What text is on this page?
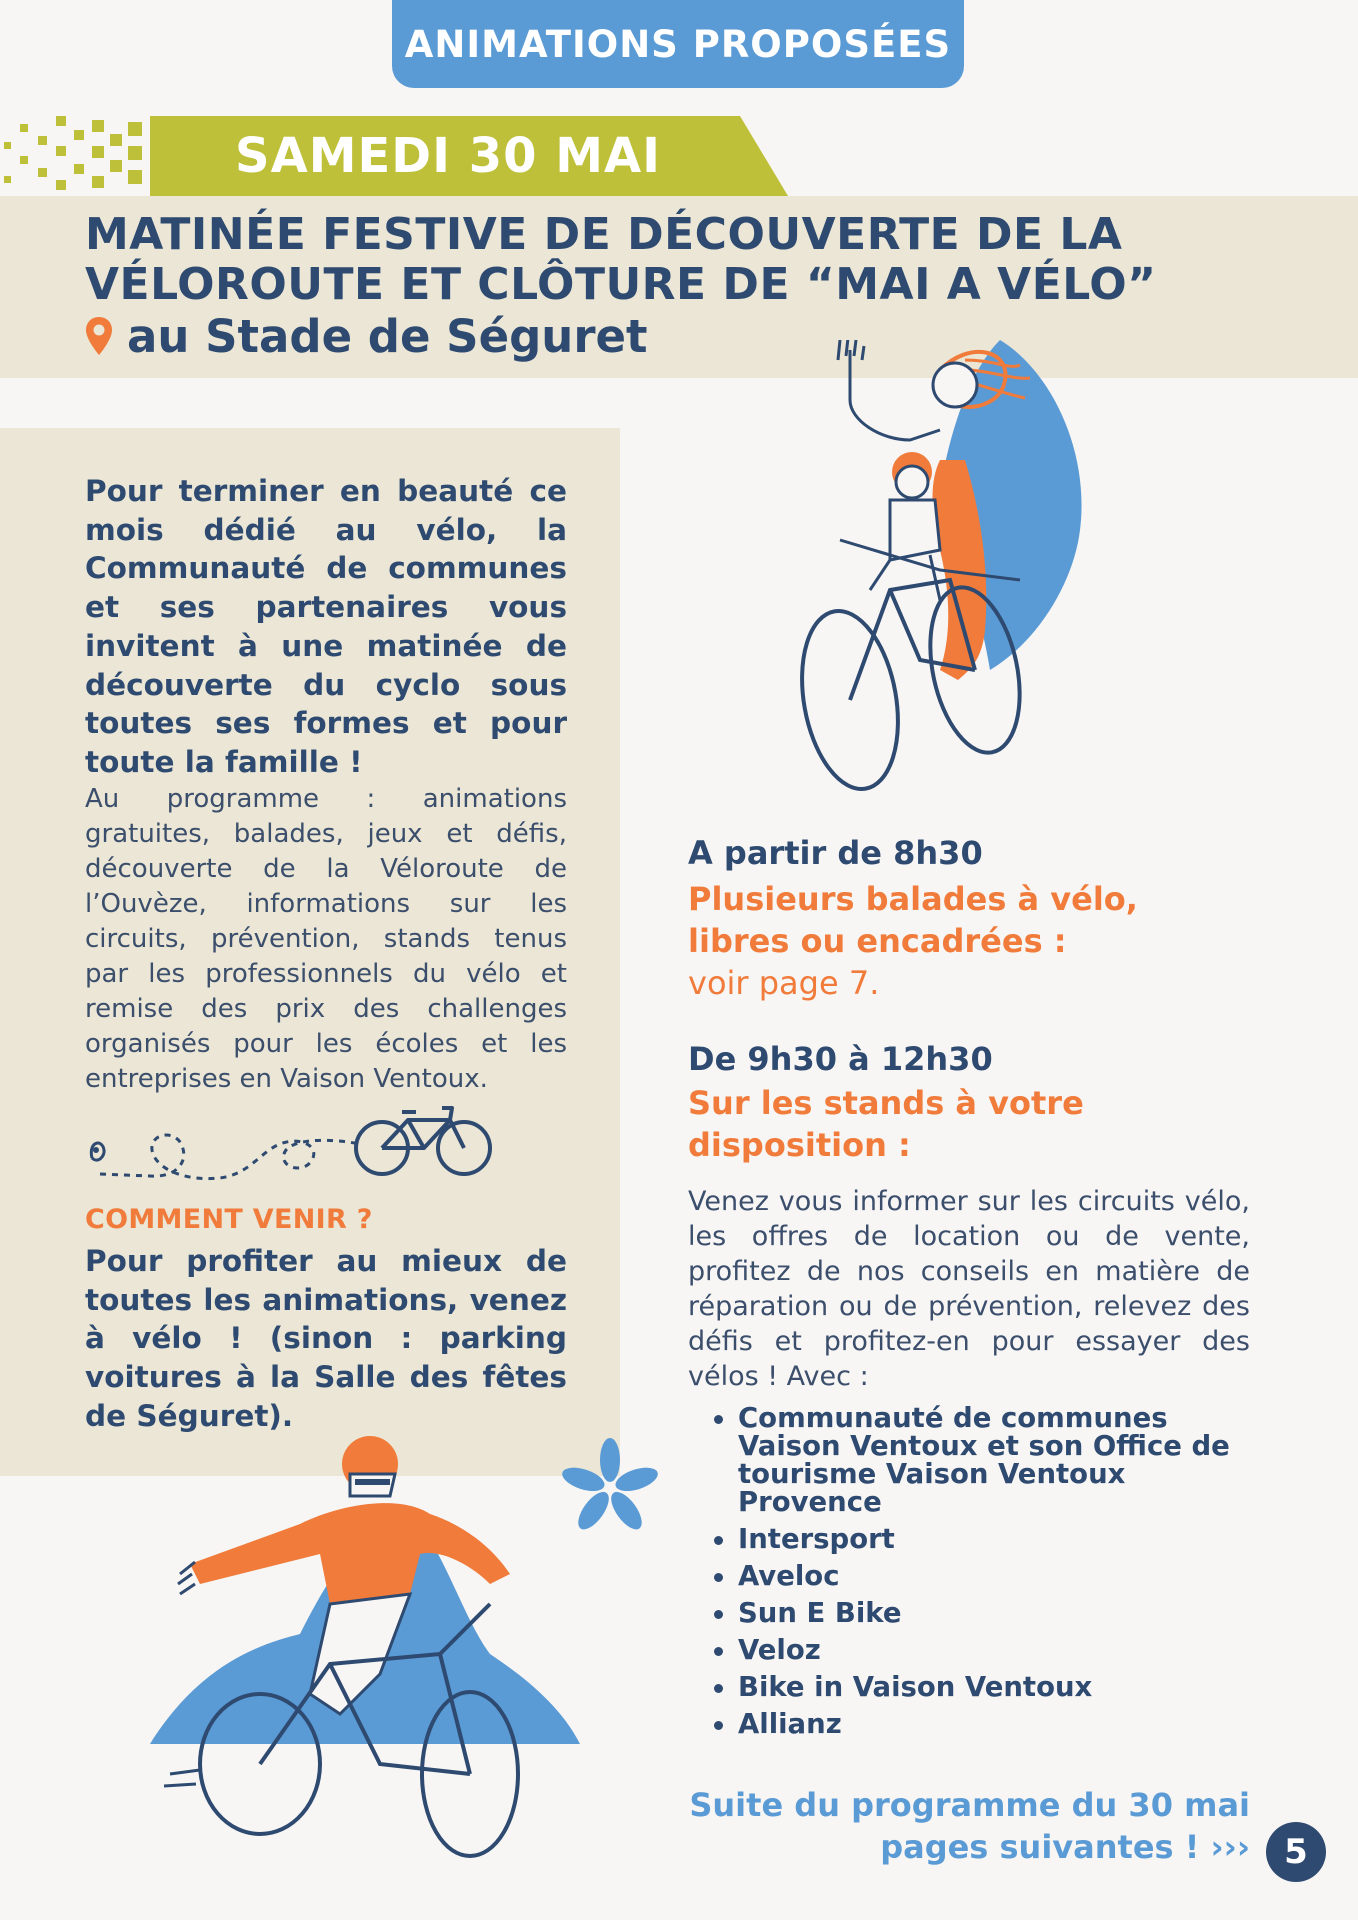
ANIMATIONS PROPOSÉES
SAMEDI 30 MAI
MATINÉE FESTIVE DE DÉCOUVERTE DE LA
VÉLOROUTE ET CLÔTURE DE “MAI A VÉLO”
au Stade de Séguret
Pour terminer en beauté ce mois dédié au vélo, la Communauté de communes et ses partenaires vous invitent à une matinée de découverte du cyclo sous toutes ses formes et pour toute la famille !
Au programme : animations gratuites, balades, jeux et défis, découverte de la Véloroute de l’Ouvèze, informations sur les circuits, prévention, stands tenus par les professionnels du vélo et remise des prix des challenges organisés pour les écoles et les entreprises en Vaison Ventoux.
COMMENT VENIR ?
Pour profiter au mieux de toutes les animations, venez à vélo ! (sinon : parking voitures à la Salle des fêtes de Séguret).
A partir de 8h30
Plusieurs balades à vélo,
libres ou encadrées :
voir page 7.
De 9h30 à 12h30
Sur les stands à votre
disposition :
Venez vous informer sur les circuits vélo, les offres de location ou de vente, profitez de nos conseils en matière de réparation ou de prévention, relevez des défis et profitez-en pour essayer des vélos ! Avec :
Communauté de communes Vaison Ventoux et son Office de tourisme Vaison Ventoux Provence
Intersport
Aveloc
Sun E Bike
Veloz
Bike in Vaison Ventoux
Allianz
Suite du programme du 30 mai
pages suivantes ! ››› 5
